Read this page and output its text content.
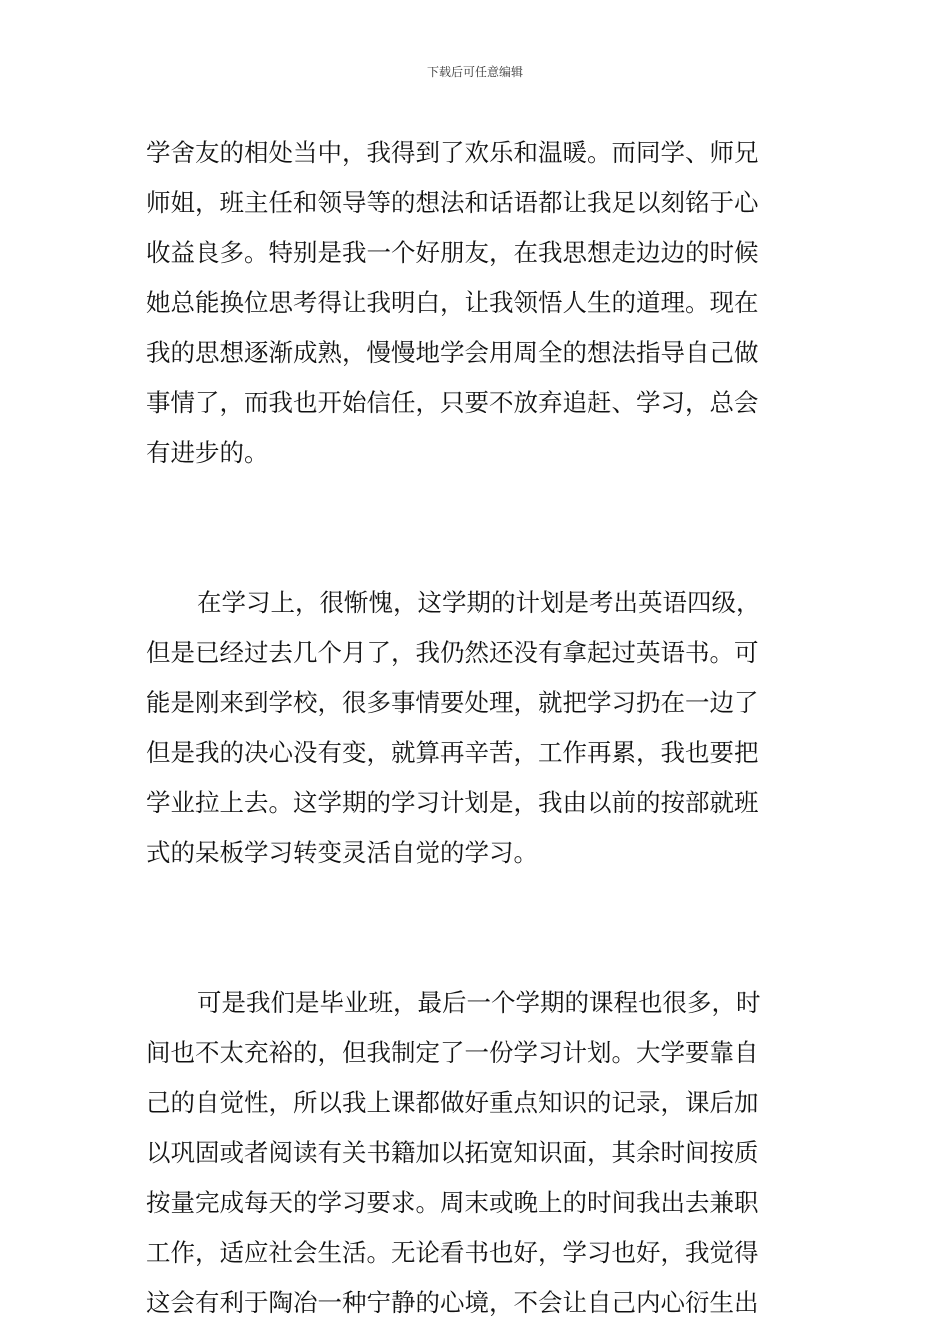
下载后可任意编辑
学舍友的相处当中，我得到了欢乐和温暖。而同学、师兄
师姐，班主任和领导等的想法和话语都让我足以刻铭于心
收益良多。特别是我一个好朋友，在我思想走边边的时候
她总能换位思考得让我明白，让我领悟人生的道理。现在
我的思想逐渐成熟，慢慢地学会用周全的想法指导自己做
事情了，而我也开始信任，只要不放弃追赶、学习，总会
有进步的。
在学习上，很惭愧，这学期的计划是考出英语四级，
但是已经过去几个月了，我仍然还没有拿起过英语书。可
能是刚来到学校，很多事情要处理，就把学习扔在一边了
但是我的决心没有变，就算再辛苦，工作再累，我也要把
学业拉上去。这学期的学习计划是，我由以前的按部就班
式的呆板学习转变灵活自觉的学习。
可是我们是毕业班，最后一个学期的课程也很多，时
间也不太充裕的，但我制定了一份学习计划。大学要靠自
己的自觉性，所以我上课都做好重点知识的记录，课后加
以巩固或者阅读有关书籍加以拓宽知识面，其余时间按质
按量完成每天的学习要求。周末或晚上的时间我出去兼职
工作，适应社会生活。无论看书也好，学习也好，我觉得
这会有利于陶冶一种宁静的心境，不会让自己内心衍生出
